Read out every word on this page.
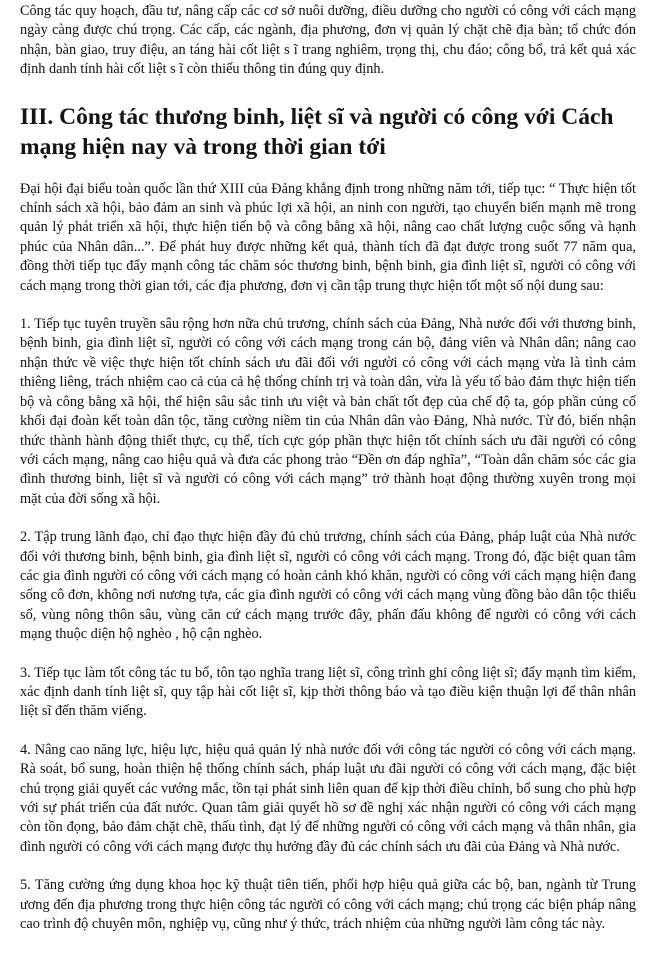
Công tác quy hoạch, đầu tư, nâng cấp các cơ sở nuôi dưỡng, điều dưỡng cho người có công với cách mạng ngày càng được chú trọng. Các cấp, các ngành, địa phương, đơn vị quản lý chặt chẽ địa bàn; tổ chức đón nhận, bàn giao, truy điệu, an táng hài cốt liệt s ĩ trang nghiêm, trọng thị, chu đáo; công bố, trả kết quả xác định danh tính hài cốt liệt s ĩ còn thiếu thông tin đúng quy định.

III. Công tác thương binh, liệt sĩ và người có công với Cách mạng hiện nay và trong thời gian tới

Đại hội đại biểu toàn quốc lần thứ XIII của Đảng khẳng định trong những năm tới, tiếp tục: “ Thực hiện tốt chính sách xã hội, bảo đảm an sinh và phúc lợi xã hội, an ninh con người, tạo chuyển biến mạnh mẽ trong quản lý phát triển xã hội, thực hiện tiến bộ và công bằng xã hội, nâng cao chất lượng cuộc sống và hạnh phúc của Nhân dân...”. Để phát huy được những kết quả, thành tích đã đạt được trong suốt 77 năm qua, đồng thời tiếp tục đẩy mạnh công tác chăm sóc thương binh, bệnh binh, gia đình liệt sĩ, người có công với cách mạng trong thời gian tới, các địa phương, đơn vị cần tập trung thực hiện tốt một số nội dung sau:

1. Tiếp tục tuyên truyền sâu rộng hơn nữa chủ trương, chính sách của Đảng, Nhà nước đối với thương binh, bệnh binh, gia đình liệt sĩ, người có công với cách mạng trong cán bộ, đảng viên và Nhân dân; nâng cao nhận thức về việc thực hiện tốt chính sách ưu đãi đối với người có công với cách mạng vừa là tình cảm thiêng liêng, trách nhiệm cao cả của cả hệ thống chính trị và toàn dân, vừa là yếu tố bảo đảm thực hiện tiến bộ và công bằng xã hội, thể hiện sâu sắc tinh ưu việt và bản chất tốt đẹp của chế độ ta, góp phần củng cố khối đại đoàn kết toàn dân tộc, tăng cường niềm tin của Nhân dân vào Đảng, Nhà nước. Từ đó, biến nhận thức thành hành động thiết thực, cụ thể, tích cực góp phần thực hiện tốt chính sách ưu đãi người có công với cách mạng, nâng cao hiệu quả và đưa các phong trào “Đền ơn đáp nghĩa”, “Toàn dân chăm sóc các gia đình thương binh, liệt sĩ và người có công với cách mạng” trở thành hoạt động thường xuyên trong mọi mặt của đời sống xã hội.

2. Tập trung lãnh đạo, chỉ đạo thực hiện đầy đủ chủ trương, chính sách của Đảng, pháp luật của Nhà nước đối với thương binh, bệnh binh, gia đình liệt sĩ, người có công với cách mạng. Trong đó, đặc biệt quan tâm các gia đình người có công với cách mạng có hoàn cảnh khó khăn, người có công với cách mạng hiện đang sống cô đơn, không nơi nương tựa, các gia đình người có công với cách mạng vùng đồng bào dân tộc thiểu số, vùng nông thôn sâu, vùng căn cứ cách mạng trước đây, phấn đấu không để người có công với cách mạng thuộc diện hộ nghèo , hộ cận nghèo.

3. Tiếp tục làm tốt công tác tu bổ, tôn tạo nghĩa trang liệt sĩ, công trình ghi công liệt sĩ; đẩy mạnh tìm kiếm, xác định danh tính liệt sĩ, quy tập hài cốt liệt sĩ, kịp thời thông báo và tạo điều kiện thuận lợi để thân nhân liệt sĩ đến thăm viếng.

4. Nâng cao năng lực, hiệu lực, hiệu quả quản lý nhà nước đối với công tác người có công với cách mạng. Rà soát, bổ sung, hoàn thiện hệ thống chính sách, pháp luật ưu đãi người có công với cách mạng, đặc biệt chú trọng giải quyết các vướng mắc, tồn tại phát sinh liên quan để kịp thời điều chỉnh, bổ sung cho phù hợp với sự phát triển của đất nước. Quan tâm giải quyết hồ sơ đề nghị xác nhận người có công với cách mạng còn tồn đọng, bảo đảm chặt chẽ, thấu tình, đạt lý để những người có công với cách mạng và thân nhân, gia đình người có công với cách mạng được thụ hưởng đầy đủ các chính sách ưu đãi của Đảng và Nhà nước.

5. Tăng cường ứng dụng khoa học kỹ thuật tiên tiến, phối hợp hiệu quả giữa các bộ, ban, ngành từ Trung ương đến địa phương trong thực hiện công tác người có công với cách mạng; chú trọng các biện pháp nâng cao trình độ chuyên môn, nghiệp vụ, cũng như ý thức, trách nhiệm của những người làm công tác này.
